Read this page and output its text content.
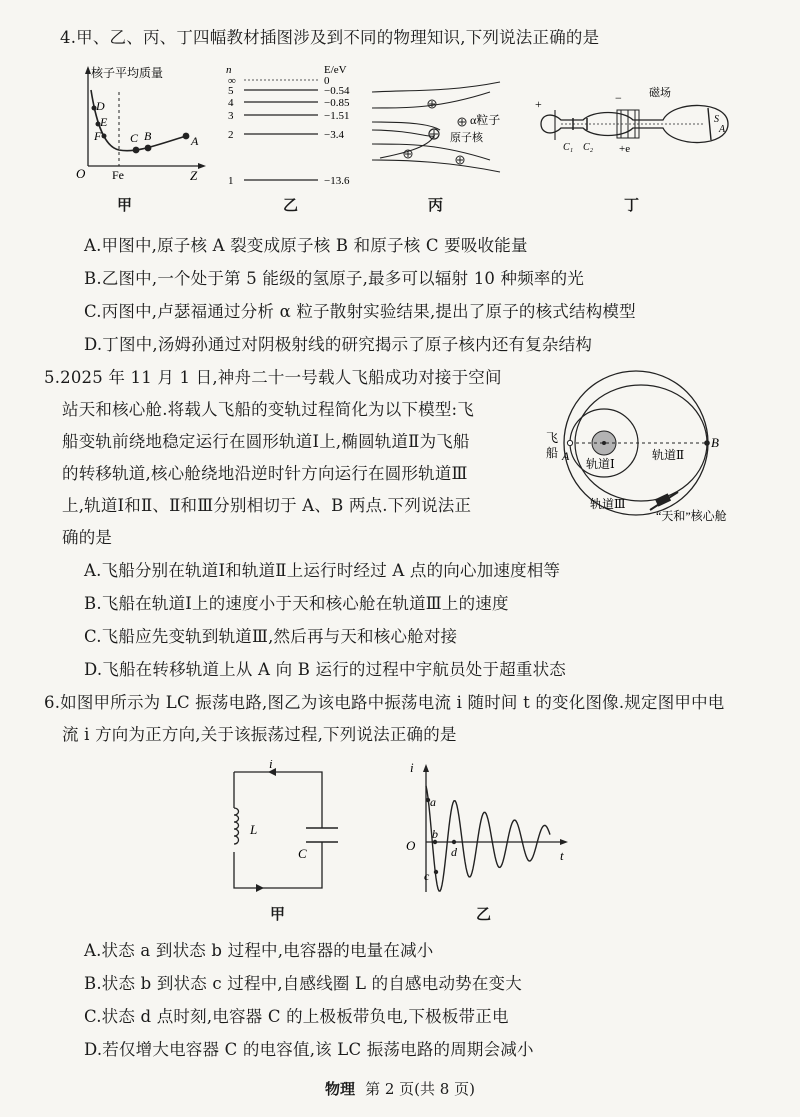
4.甲、乙、丙、丁四幅教材插图涉及到不同的物理知识,下列说法正确的是
核子平均质量
O Fe	Z
D
E
F C B	A
n	E/eV
∞	0
5	−0.54
4	−0.85
3	−1.51
2	−3.4
1	−13.6
α粒子
原子核
+	− 磁场
C₁ C₂
S
A
+e
甲	乙	丙	丁
A.甲图中,原子核 A 裂变成原子核 B 和原子核 C 要吸收能量
B.乙图中,一个处于第 5 能级的氢原子,最多可以辐射 10 种频率的光
C.丙图中,卢瑟福通过分析 α 粒子散射实验结果,提出了原子的核式结构模型
D.丁图中,汤姆孙通过对阴极射线的研究揭示了原子核内还有复杂结构
5.2025 年 11 月 1 日,神舟二十一号载人飞船成功对接于空间
站天和核心舱.将载人飞船的变轨过程简化为以下模型:飞
船变轨前绕地稳定运行在圆形轨道Ⅰ上,椭圆轨道Ⅱ为飞船
的转移轨道,核心舱绕地沿逆时针方向运行在圆形轨道Ⅲ
上,轨道Ⅰ和Ⅱ、Ⅱ和Ⅲ分别相切于 A、B 两点.下列说法正
确的是
飞
船 A
B
轨道Ⅰ
轨道Ⅱ
轨道Ⅲ
“天和”核心舱
A.飞船分别在轨道Ⅰ和轨道Ⅱ上运行时经过 A 点的向心加速度相等
B.飞船在轨道Ⅰ上的速度小于天和核心舱在轨道Ⅲ上的速度
C.飞船应先变轨到轨道Ⅲ,然后再与天和核心舱对接
D.飞船在转移轨道上从 A 向 B 运行的过程中宇航员处于超重状态
6.如图甲所示为 LC 振荡电路,图乙为该电路中振荡电流 i 随时间 t 的变化图像.规定图甲中电
流 i 方向为正方向,关于该振荡过程,下列说法正确的是
i
L
C
i
O
t
a
b
c
d
甲	乙
A.状态 a 到状态 b 过程中,电容器的电量在减小
B.状态 b 到状态 c 过程中,自感线圈 L 的自感电动势在变大
C.状态 d 点时刻,电容器 C 的上极板带负电,下极板带正电
D.若仅增大电容器 C 的电容值,该 LC 振荡电路的周期会减小
物理 第 2 页(共 8 页)
